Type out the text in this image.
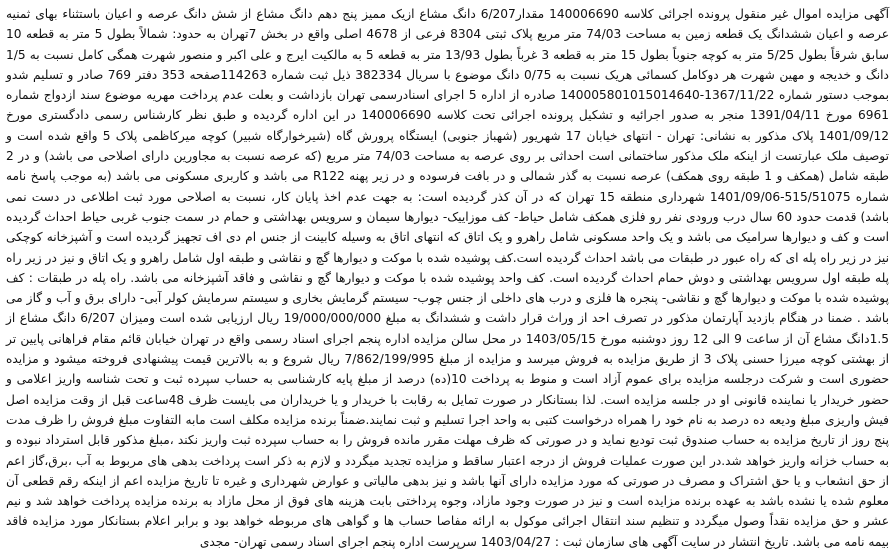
آگهی مزایده اموال غیر منقول پرونده اجرائی کلاسه 140006690 مقدار6/207 دانگ مشاع ازیک ممیز پنج دهم دانگ مشاع از شش دانگ عرصه و اعیان باستثناء بهای ثمنیه عرصه و اعیان ششدانگ یک قطعه زمین به مساحت 74/03 متر مربع پلاک ثبتی 8304 فرعی از 4678 اصلی واقع در بخش 7تهران به حدود: شمالاً بطول 5 متر به قطعه 10 سابق شرقاً بطول 5/25 متر به کوچه جنوباً بطول 15 متر به قطعه 3 غرباً بطول 13/93 متر به قطعه 5 به مالکیت ایرج و علی اکبر و منصور شهرت همگی کامل نسبت به 1/5 دانگ و خدیجه و مهین شهرت هر دوکامل کسمائی هریک نسبت به 0/75 دانگ موضوع با سریال 382334 ذیل ثبت شماره 114263صفحه 353 دفتر 769 صادر و تسلیم شدو بموجب دستور شماره 1367/11/22-140005801015014640 صادره از اداره 5 اجرای اسنادرسمی تهران بازداشت و بعلت عدم پرداخت مهریه موضوع سند ازدواج شماره 6961 مورخ 1391/04/11 منجر به صدور اجرائیه و تشکیل پرونده اجرائی تحت کلاسه 140006690 در این اداره گردیده و طبق نظر کارشناس رسمی دادگستری مورخ 1401/09/12 پلاک مذکور به نشانی: تهران - انتهای خیابان 17 شهریور (شهباز جنوبی) ایستگاه پرورش گاه (شیرخوارگاه شبیر) کوچه میرکاظمی پلاک 5 واقع شده است و توصیف ملک عبارتست از اینکه ملک مذکور ساختمانی است احداثی بر روی عرصه به مساحت 74/03 متر مربع (که عرصه نسبت به مجاورین دارای اصلاحی می باشد) و در 2 طبقه شامل (همکف و 1 طبقه روی همکف) عرصه نسبت به گذر شمالی و در بافت فرسوده و در زیر پهنه R122 می باشد و کاربری مسکونی می باشد (به موجب پاسخ نامه شماره 515/51075-1401/09/06 شهرداری منطقه 15 تهران که در آن کذر گردیده است: به جهت عدم اخذ پایان کار، نسبت به اصلاحی مورد ثبت اطلاعی در دست نمی باشد) قدمت حدود 60 سال درب ورودی نفر رو فلزی همکف شامل حیاط- کف موزاییک- دیوارها سیمان و سرویس بهداشتی و حمام در سمت جنوب غربی حیاط احداث گردیده است و کف و دیوارها سرامیک می باشد و یک واحد مسکونی شامل راهرو و یک اتاق که انتهای اتاق به وسیله کابینت از جنس ام دی اف تجهیز گردیده است و آشپزخانه کوچکی نیز در زیر راه پله ای که راه عبور در طبقات می باشد احداث گردیده است.کف پوشیده شده با موکت و دیوارها گچ و نقاشی و طبقه اول شامل راهرو و یک اتاق و نیز در زیر راه پله طبقه اول سرویس بهداشتی و دوش حمام احداث گردیده است. کف واحد پوشیده شده با موکت و دیوارها گچ و نقاشی و فاقد آشپزخانه می باشد. راه پله در طبقات : کف پوشیده شده با موکت و دیوارها گچ و نقاشی- پنجره ها فلزی و درب های داخلی از جنس چوب- سیستم گرمایش بخاری و سیستم سرمایش کولر آبی- دارای برق و آب و گاز می باشد . ضمنا در هنگام بازدید آپارتمان مذکور در تصرف احد از وراث قرار داشت و ششدانگ به مبلغ 19/000/000/000 ریال ارزیابی شده است ومیزان 6/207 دانگ مشاع از 1.5دانگ مشاع آن از ساعت 9 الی 12 روز دوشنبه مورخ 1403/05/15 در محل سالن مزایده اداره پنجم اجرای اسناد رسمی واقع در تهران خیابان قائم مقام فراهانی پایین تر از بهشتی کوچه میرزا حسنی پلاک 3 از طریق مزایده به فروش میرسد و مزایده از مبلغ 7/862/199/995 ریال شروع و به بالاترین قیمت پیشنهادی فروخته میشود و مزایده حضوری است و شرکت درجلسه مزایده برای عموم آزاد است و منوط به پرداخت 10(ده) درصد از مبلغ پایه کارشناسی به حساب سپرده ثبت و تحت شناسه واریز اعلامی و حضور خریدار یا نماینده قانونی او در جلسه مزایده است. لذا بستانکار در صورت تمایل به رقابت با خریدار و یا خریداران می بایست ظرف 48ساعت قبل از وقت مزایده اصل فیش واریزی مبلغ ودیعه ده درصد به نام خود را همراه درخواست کتبی به واحد اجرا تسلیم و ثبت نمایند.ضمناً برنده مزایده مکلف است مابه التفاوت مبلغ فروش را ظرف مدت پنج روز از تاریخ مزایده به حساب صندوق ثبت تودیع نماید و در صورتی که ظرف مهلت مقرر مانده فروش را به حساب سپرده ثبت واریز نکند ،مبلغ مذکور قابل استرداد نبوده و به حساب خزانه واریز خواهد شد.در این صورت عملیات فروش از درجه اعتبار ساقط و مزایده تجدید میگردد و لازم به ذکر است پرداخت بدهی های مربوط به آب ،برق،گاز اعم از حق انشعاب و یا حق اشتراک و مصرف در صورتی که مورد مزایده دارای آنها باشد و نیز بدهی مالیاتی و عوارض شهرداری و غیره تا تاریخ مزایده اعم از اینکه رقم قطعی آن معلوم شده یا نشده باشد به عهده برنده مزایده است و نیز در صورت وجود مازاد، وجوه پرداختی بابت هزینه های فوق از محل مازاد به برنده مزایده پرداخت خواهد شد و نیم عشر و حق مزایده نقداً وصول میگردد و تنظیم سند انتقال اجرائی موکول به ارائه مفاصا حساب ها و گواهی های مربوطه خواهد بود و برابر اعلام بستانکار مورد مزایده فاقد بیمه نامه می باشد. تاریخ انتشار در سایت آگهی های سازمان ثبت : 1403/04/27 سرپرست اداره پنجم اجرای اسناد رسمی تهران- مجدی
